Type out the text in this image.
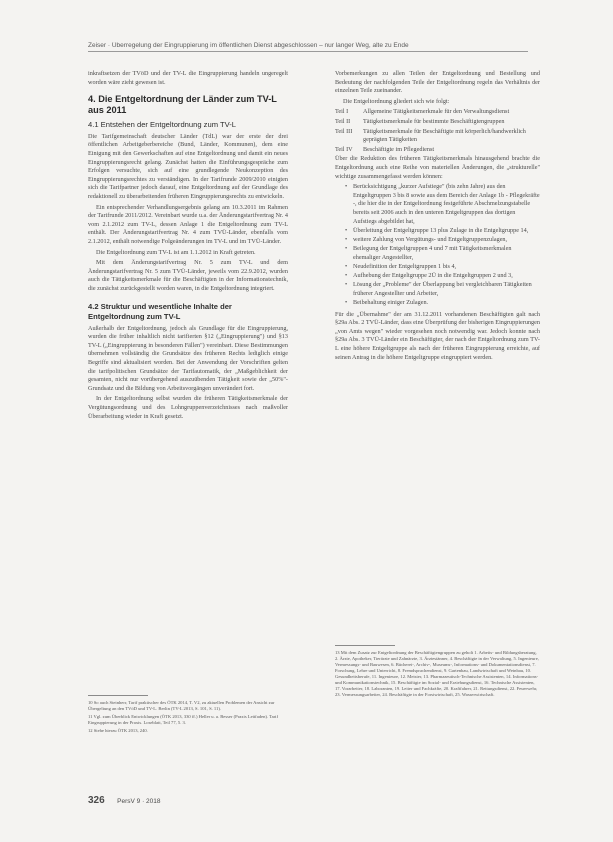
Zeiser · Überregelung der Eingruppierung im öffentlichen Dienst abgeschlossen – nur langer Weg, alte zu Ende

inkraftsetzen der TVöD und der TV-L die Eingruppierung handeln ungeregelt worden wäre zieht gewesen ist.

4. Die Entgeltordnung der Länder zum TV-L aus 2011
4.1 Entstehen der Entgeltordnung zum TV-L

Die Tarifgemeinschaft deutscher Länder (TdL) war der erste der drei öffentlichen Arbeitgeberbereiche (Bund, Länder, Kommunen), dem eine Einigung mit den Gewerkschaften auf eine Entgeltordnung und damit ein neues Eingruppierungsrecht gelang. Zunächst hatten die Einführungsgespräche zum Erfolgen versuchte, sich auf eine grundlegende Neukonzeption des Eingruppierungsrechtes zu verständigen. In der Tarifrunde 2009/2010 einigten sich die Tarifpartner jedoch darauf, eine Entgeltordnung auf der Grundlage des redaktionell zu überarbeitenden früheren Eingruppierungsrechts zu entwickeln.

Ein entsprechender Verhandlungsergebnis gelang am 10.3.2011 im Rahmen der Tarifrunde 2011/2012. Vereinbart wurde u.a. der Änderungstarifvertrag Nr. 4 vom 2.1.2012 zum TV-L, dessen Anlage 1 die Entgeltordnung zum TV-L enthält. Der Änderungstarifvertrag Nr. 4 zum TVÜ-Länder, ebenfalls vom 2.1.2012, enthält notwendige Folgeänderungen im TV-L und im TVÜ-Länder.

Die Entgeltordnung zum TV-L ist am 1.1.2012 in Kraft getreten.

Mit dem Änderungstarifvertrag Nr. 5 zum TV-L und dem Änderungstarifvertrag Nr. 5 zum TVÜ-Länder, jeweils vom 22.9.2012, wurden auch die Tätigkeitsmerkmale für die Beschäftigten in der Informationstechnik, die zunächst zurückgestellt worden waren, in die Entgeltordnung integriert.

4.2 Struktur und wesentliche Inhalte der Entgeltordnung zum TV-L

Außerhalb der Entgeltordnung, jedoch als Grundlage für die Eingruppierung, wurden die früher inhaltlich nicht tarifierten §12 („Eingruppierung") und §13 TV-L („Eingruppierung in besonderen Fällen") vereinbart. Diese Bestimmungen übernehmen vollständig die Grundsätze des früheren Rechts lediglich einige Begriffe sind aktualisiert worden. Bei der Anwendung der Vorschriften gelten die tarifpolitischen Grundsätze der Tarifautomatik, der „Maßgeblichkeit der gesamten, nicht nur vorübergehend auszuübenden Tätigkeit sowie der „50%"-Grundsatz und die Bildung von Arbeitsvorgängen unverändert fort.

In der Entgeltordnung selbst wurden die früheren Tätigkeitsmerkmale der Vergütungsordnung und des Lohngruppenverzeichnisses nach maßvoller Überarbeitung wieder in Kraft gesetzt.

Vorbemerkungen zu allen Teilen der Entgeltordnung und Bestellung und Bedeutung der nachfolgenden Teile der Entgeltordnung regeln das Verhältnis der einzelnen Teile zueinander.

Die Entgeltordnung gliedert sich wie folgt:

Teil I	Allgemeine Tätigkeitsmerkmale für den Verwaltungsdienst
Teil II	Tätigkeitsmerkmale für bestimmte Beschäftigtengruppen
Teil III	Tätigkeitsmerkmale für Beschäftigte mit körperlich/handwerklich geprägten Tätigkeiten
Teil IV	Beschäftigte im Pflegedienst

Über die Reduktion des früheren Tätigkeitsmerkmals hinausgehend brachte die Entgeltordnung auch eine Reihe von materiellen Änderungen, die „strukturelle" wichtige zusammengefasst werden können:

• Berücksichtigung „kurzer Aufstiege" (bis zehn Jahre) aus den Entgeltgruppen 3 bis 8 sowie aus dem Bereich der Anlage 1b - Pflegekräfte -, die hier die in der Entgeltordnung festgeführte Abschmelzungstabelle bereits seit 2006 auch in den unteren Entgeltgruppen das dortigen Aufstiegs abgebildet hat,
• Überleitung der Entgeltgruppe 13 plus Zulage in die Entgeltgruppe 14,
• weitere Zahlung von Vergütungs- und Entgeltgruppenzulagen,
• Beilegung der Entgeltgruppen 4 und 7 mit Tätigkeitsmerkmalen ehemaliger Angestellter,
• Neudefinition der Entgeltgruppen 1 bis 4,
• Aufhebung der Entgeltgruppe 2Ü in die Entgeltgruppen 2 und 3,
• Lösung der „Probleme" der Überlappung bei vergleichbaren Tätigkeiten früherer Angestellter und Arbeiter,
• Beibehaltung einiger Zulagen.

Für die „Übernahme" der am 31.12.2011 vorhandenen Beschäftigten galt nach §29a Abs. 2 TVÜ-Länder, dass eine Überprüfung der bisherigen Eingruppierungen „von Amts wegen" wieder vorgesehen noch notwendig war. Jedoch konnte nach §29a Abs. 3 TVÜ-Länder ein Beschäftigter, der nach der Entgeltordnung zum TV-L eine höhere Entgeltgruppe als nach der früheren Eingruppierung erreichte, auf seinen Antrag in die höhere Entgeltgruppe eingruppiert werden.

10 So auch Steinherr, Tarif praktischer des ÖTK 2014, T. V2, zu aktuellen Problemen der Ansicht zur Übergeltung an den TVöD und TV-L. Berlin (TV-L 2013, S. 101, S. 11).

11 Vgl. zum Überblick Entwicklungen (ÖTK 2013, 330 ff.) Heller u. a. Besser (Praxis Leitfaden). Tarif Eingruppierung in der Praxis. Loseblatt, Teil 77, 5. 3.

12 Siehe hierzu ÖTK 2013, 240.

13 Mit dem Zusatz zur Entgeltordnung der Beschäftigtengruppen zu geholt 1. Arbeits- und Bildungsberatung, 2. Ärzte, Apotheker, Tierärzte und Zahnärzte, 3. Ärztestänner, 4. Beschäftigte in der Verwaltung, 5. Ingenieure, Vermessungs- und Bauwesen, 6. Bücherei-, Archiv-, Museums-, Informations- und Dokumentationsdienst, 7. Forschung, Lehre und Unterricht, 8. Fremdsprachendienst, 9. Gartenbau, Landwirtschaft und Weinbau, 10. Gesundheitsberufe, 11. Ingenieure, 12. Meister, 13. Pharmazeutisch-Technische Assistenten, 14. Informations- und Kommunikationstechnik, 15. Beschäftigte im Sozial- und Erziehungsdienst, 16. Technische Assistenten, 17. Vorarbeiter, 18. Laboranten, 19. Leiter und Fachkräfte, 20. Kraftfahrer, 21. Rettungsdienst, 22. Feuerwehr, 23. Vermessungsarbeiter, 24. Beschäftigte in der Forstwirtschaft, 25. Wasserwirtschaft.

326 PersV 9 · 2018
